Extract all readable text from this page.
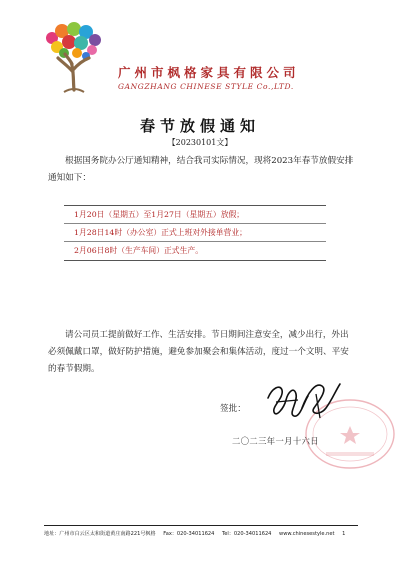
广州市枫格家具有限公司
GANGZHANG CHINESE STYLE Co.,LTD.
春节放假通知
【20230101文】
根据国务院办公厅通知精神，结合我司实际情况，现将2023年春节放假安排通知如下：
1月20日（星期五）至1月27日（星期五）放假；
1月28日14时（办公室）正式上班对外接单营业；
2月06日8时（生产车间）正式生产。
请公司员工提前做好工作、生活安排。节日期间注意安全，减少出行，外出必须佩戴口罩，做好防护措施，避免参加聚会和集体活动，度过一个文明、平安的春节假期。
签批：
二〇二三年一月十六日
地址：广州市白云区太和街道黄庄南路221号枫格 Fax：020-34011624 Tel：020-34011624 www.chinesestyle.net 1
